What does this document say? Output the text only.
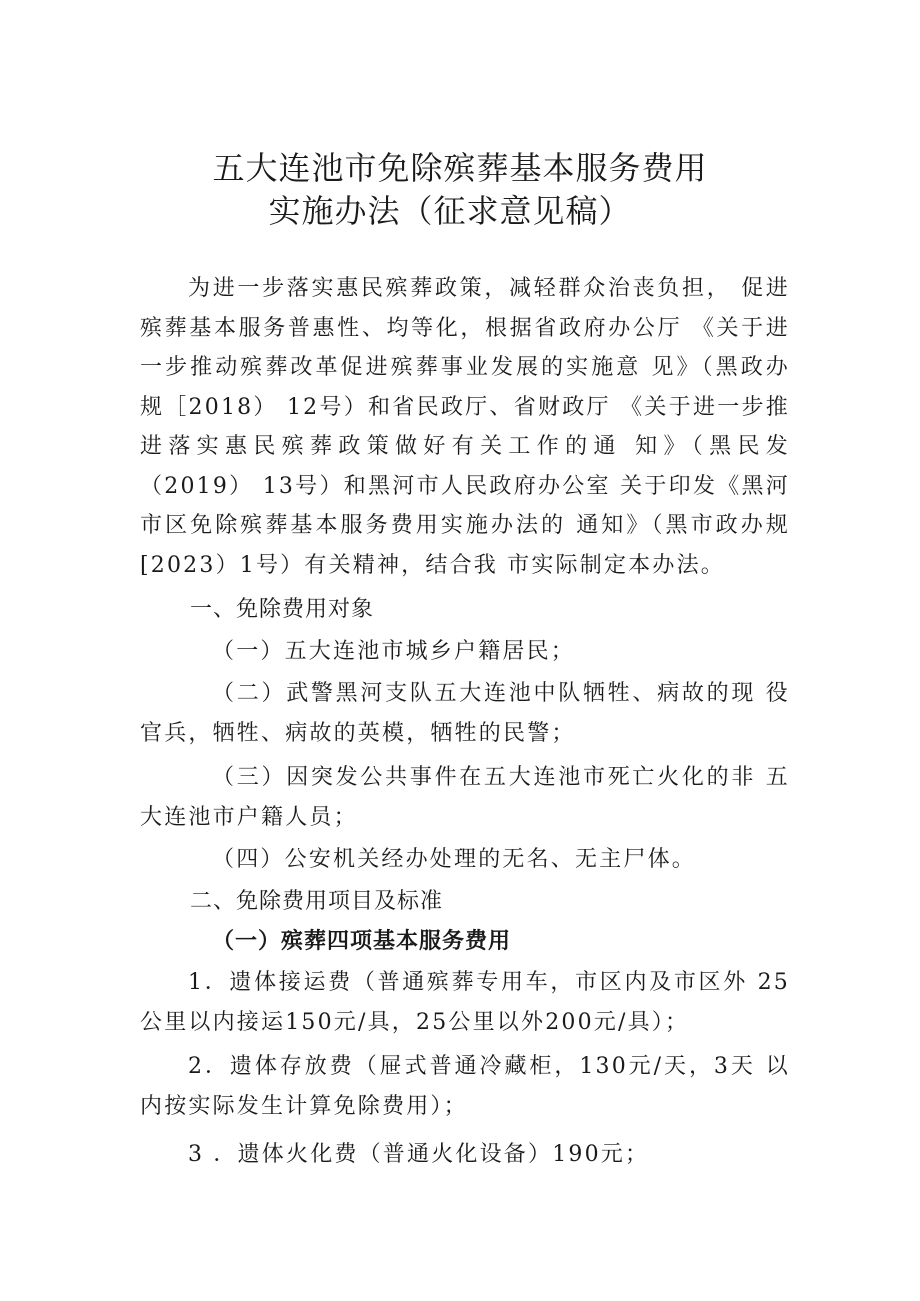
五大连池市免除殡葬基本服务费用
实施办法（征求意见稿）
为进一步落实惠民殡葬政策，减轻群众治丧负担， 促进殡葬基本服务普惠性、均等化，根据省政府办公厅 《关于进一步推动殡葬改革促进殡葬事业发展的实施意 见》（黑政办规［2018） 12号）和省民政厅、省财政厅 《关于进一步推进落实惠民殡葬政策做好有关工作的通 知》（黑民发（2019） 13号）和黑河市人民政府办公室 关于印发《黑河市区免除殡葬基本服务费用实施办法的 通知》（黑市政办规[2023）1号）有关精神，结合我 市实际制定本办法。
一、免除费用对象
（一）五大连池市城乡户籍居民；
（二）武警黑河支队五大连池中队牺牲、病故的现 役官兵，牺牲、病故的英模，牺牲的民警；
（三）因突发公共事件在五大连池市死亡火化的非 五大连池市户籍人员；
（四）公安机关经办处理的无名、无主尸体。
二、免除费用项目及标准
（一）殡葬四项基本服务费用
1．遗体接运费（普通殡葬专用车，市区内及市区外 25公里以内接运150元/具，25公里以外200元/具）；
2．遗体存放费（屉式普通冷藏柜，130元/天，3天 以内按实际发生计算免除费用）；
3 ．遗体火化费（普通火化设备）190元；
